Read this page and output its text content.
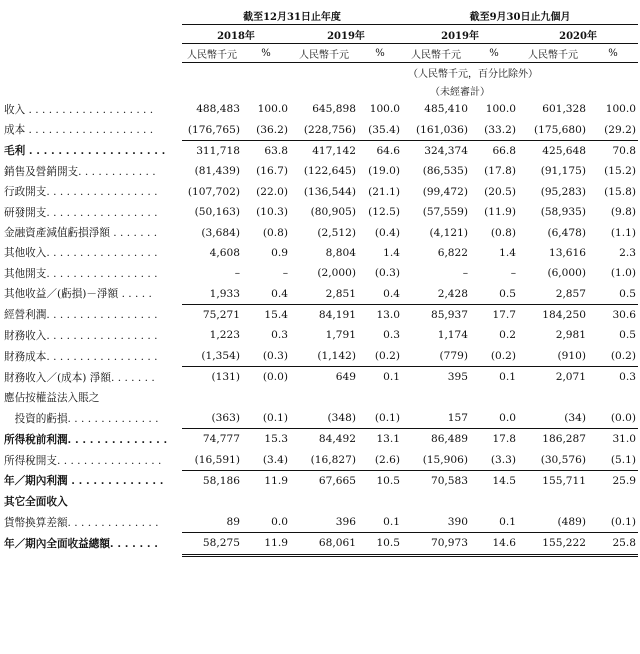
	截至12月31日止年度				截至9月30日止九個月			
	2018年		2019年		2019年		2020年	
	人民幣千元	%	人民幣千元	%	人民幣千元	%	人民幣千元	%
				（人民幣千元，百分比除外）				
					（未經審計）			
收入 . . . . . . . . . . . . . . . . . . .	488,483	100.0	645,898	100.0	485,410	100.0	601,328	100.0
成本 . . . . . . . . . . . . . . . . . . .	(176,765)	(36.2)	(228,756)	(35.4)	(161,036)	(33.2)	(175,680)	(29.2)
毛利 . . . . . . . . . . . . . . . . . . .	311,718	63.8	417,142	64.6	324,374	66.8	425,648	70.8
銷售及營銷開支. . . . . . . . . . . .	(81,439)	(16.7)	(122,645)	(19.0)	(86,535)	(17.8)	(91,175)	(15.2)
行政開支. . . . . . . . . . . . . . . . .	(107,702)	(22.0)	(136,544)	(21.1)	(99,472)	(20.5)	(95,283)	(15.8)
研發開支. . . . . . . . . . . . . . . . .	(50,163)	(10.3)	(80,905)	(12.5)	(57,559)	(11.9)	(58,935)	(9.8)
金融資產減值虧損淨額 . . . . . . .	(3,684)	(0.8)	(2,512)	(0.4)	(4,121)	(0.8)	(6,478)	(1.1)
其他收入. . . . . . . . . . . . . . . . .	4,608	0.9	8,804	1.4	6,822	1.4	13,616	2.3
其他開支. . . . . . . . . . . . . . . . .	–	–	(2,000)	(0.3)	–	–	(6,000)	(1.0)
其他收益／(虧損)－淨額 . . . . .	1,933	0.4	2,851	0.4	2,428	0.5	2,857	0.5
經營利潤. . . . . . . . . . . . . . . . .	75,271	15.4	84,191	13.0	85,937	17.7	184,250	30.6
財務收入. . . . . . . . . . . . . . . . .	1,223	0.3	1,791	0.3	1,174	0.2	2,981	0.5
財務成本. . . . . . . . . . . . . . . . .	(1,354)	(0.3)	(1,142)	(0.2)	(779)	(0.2)	(910)	(0.2)
財務收入／(成本) 淨額. . . . . . .	(131)	(0.0)	649	0.1	395	0.1	2,071	0.3
應佔按權益法入賬之								
　投資的虧損. . . . . . . . . . . . . .	(363)	(0.1)	(348)	(0.1)	157	0.0	(34)	(0.0)
所得稅前利潤. . . . . . . . . . . . . .	74,777	15.3	84,492	13.1	86,489	17.8	186,287	31.0
所得稅開支. . . . . . . . . . . . . . . .	(16,591)	(3.4)	(16,827)	(2.6)	(15,906)	(3.3)	(30,576)	(5.1)
年／期內利潤 . . . . . . . . . . . . .	58,186	11.9	67,665	10.5	70,583	14.5	155,711	25.9
其它全面收入								
貨幣換算差額. . . . . . . . . . . . . .	89	0.0	396	0.1	390	0.1	(489)	(0.1)
年／期內全面收益總額. . . . . . .	58,275	11.9	68,061	10.5	70,973	14.6	155,222	25.8
